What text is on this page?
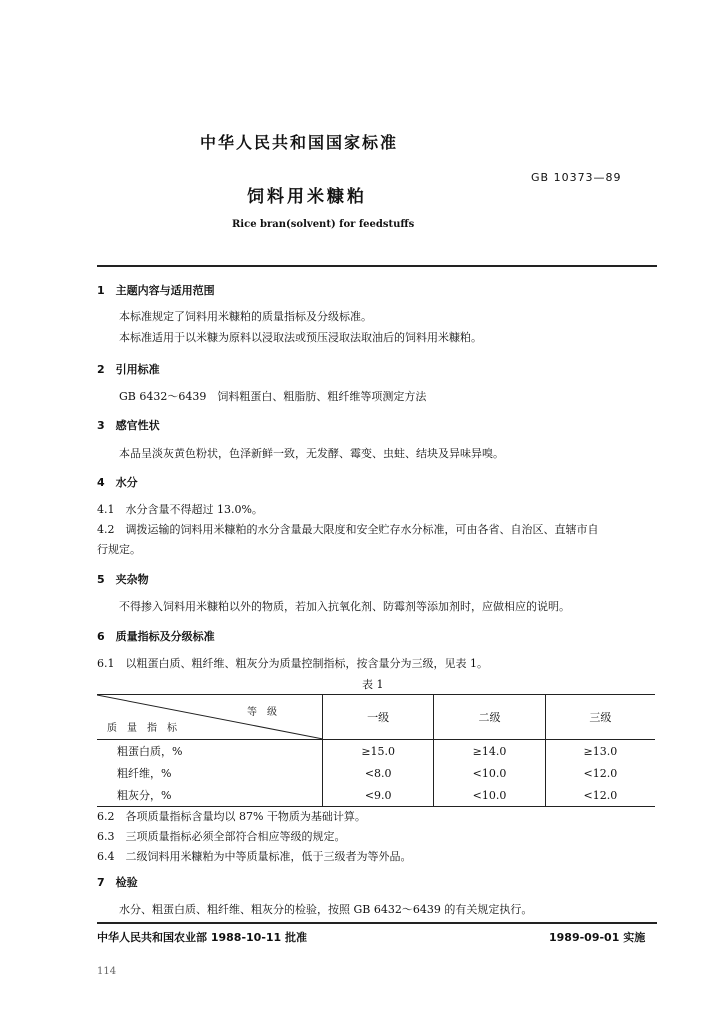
中华人民共和国国家标准
GB 10373—89
饲料用米糠粕
Rice bran(solvent) for feedstuffs
1　主题内容与适用范围
本标准规定了饲料用米糠粕的质量指标及分级标准。
本标准适用于以米糠为原料以浸取法或预压浸取法取油后的饲料用米糠粕。
2　引用标准
GB 6432～6439　饲料粗蛋白、粗脂肪、粗纤维等项测定方法
3　感官性状
本品呈淡灰黄色粉状，色泽新鲜一致，无发酵、霉变、虫蛀、结块及异味异嗅。
4　水分
4.1　水分含量不得超过 13.0%。
4.2　调拨运输的饲料用米糠粕的水分含量最大限度和安全贮存水分标准，可由各省、自治区、直辖市自
行规定。
5　夹杂物
不得掺入饲料用米糠粕以外的物质，若加入抗氧化剂、防霉剂等添加剂时，应做相应的说明。
6　质量指标及分级标准
6.1　以粗蛋白质、粗纤维、粗灰分为质量控制指标，按含量分为三级，见表 1。
表 1
等　级
质　量　指　标	一级	二级	三级
粗蛋白质，%	≥15.0	≥14.0	≥13.0
粗纤维，%	<8.0	<10.0	<12.0
粗灰分，%	<9.0	<10.0	<12.0
6.2　各项质量指标含量均以 87% 干物质为基础计算。
6.3　三项质量指标必须全部符合相应等级的规定。
6.4　二级饲料用米糠粕为中等质量标准，低于三级者为等外品。
7　检验
水分、粗蛋白质、粗纤维、粗灰分的检验，按照 GB 6432～6439 的有关规定执行。
中华人民共和国农业部 1988-10-11 批准	1989-09-01 实施
114
